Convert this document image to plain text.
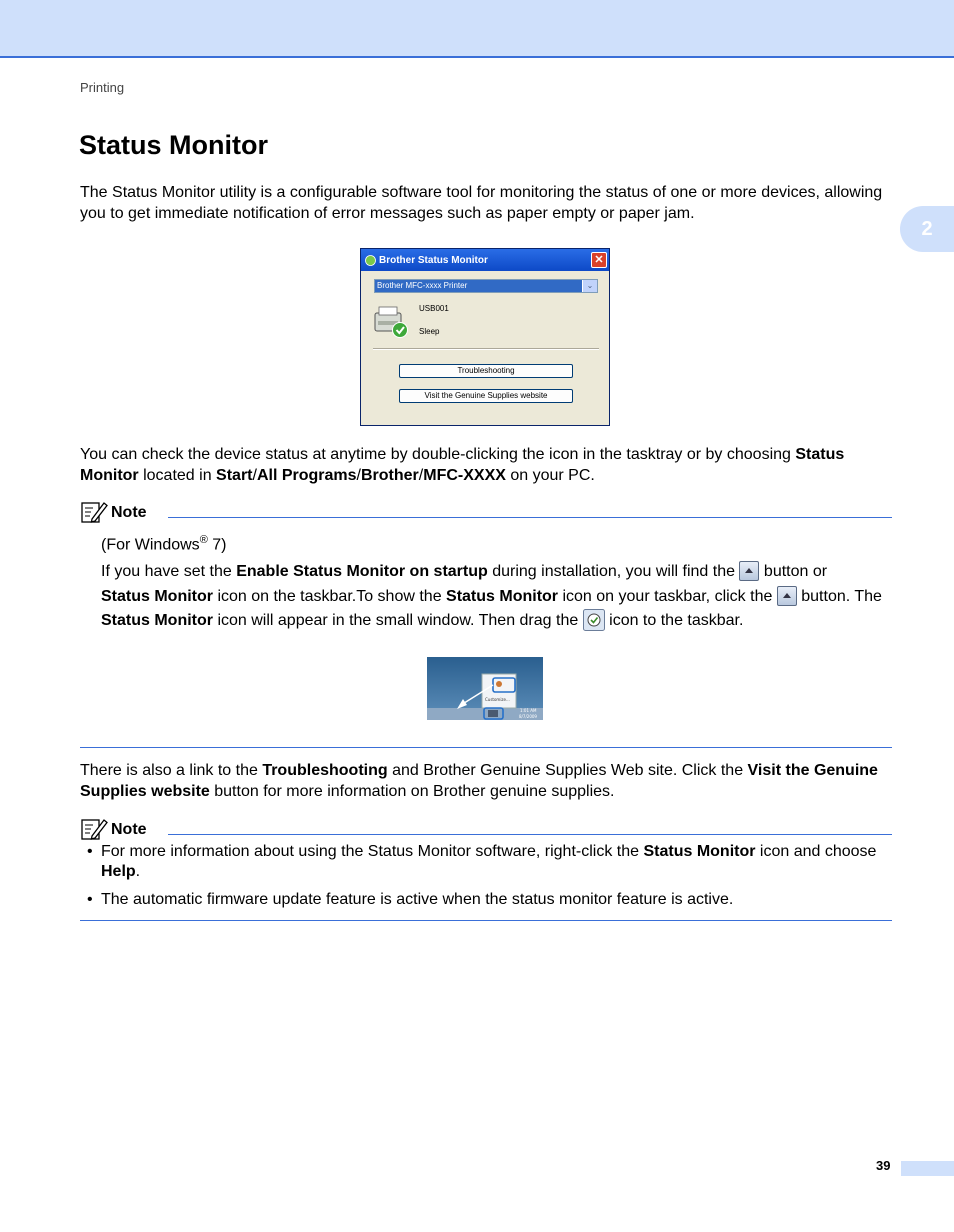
Printing
2
Status Monitor

The Status Monitor utility is a configurable software tool for monitoring the status of one or more devices, allowing you to get immediate notification of error messages such as paper empty or paper jam.

Brother Status Monitor	✕
Brother MFC-xxxx Printer	⌄
USB001
Sleep
Troubleshooting
Visit the Genuine Supplies website

You can check the device status at anytime by double-clicking the icon in the tasktray or by choosing Status Monitor located in Start/All Programs/Brother/MFC-XXXX on your PC.

Note

(For Windows® 7)

If you have set the Enable Status Monitor on startup during installation, you will find the  button or
Status Monitor icon on the taskbar.To show the Status Monitor icon on your taskbar, click the  button. The Status Monitor icon will appear in the small window. Then drag the  icon to the taskbar.

Customize...
1:01 AM
8/7/2009

There is also a link to the Troubleshooting and Brother Genuine Supplies Web site. Click the Visit the Genuine Supplies website button for more information on Brother genuine supplies.

Note
• For more information about using the Status Monitor software, right-click the Status Monitor icon and choose Help.

• The automatic firmware update feature is active when the status monitor feature is active.

39
